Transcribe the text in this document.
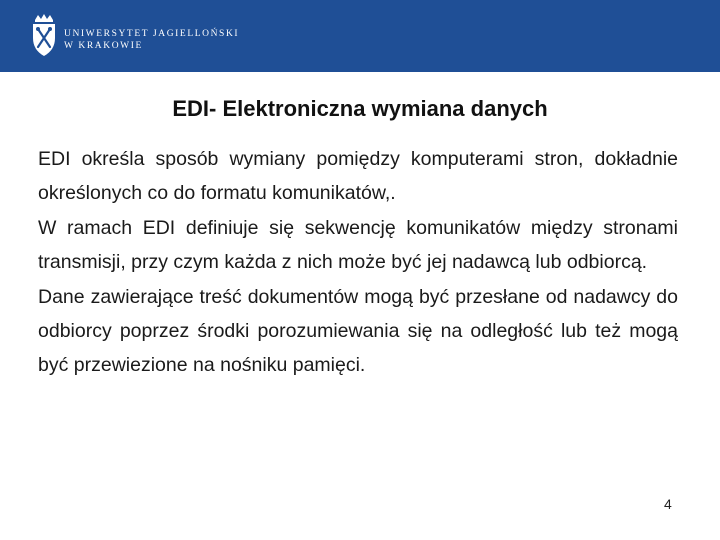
UNIWERSYTET JAGIELLOŃSKI
W KRAKOWIE
EDI- Elektroniczna wymiana danych

EDI określa sposób wymiany pomiędzy komputerami stron, dokładnie określonych co do formatu komunikatów,.

W ramach EDI definiuje się sekwencję komunikatów między stronami transmisji, przy czym każda z nich może być jej nadawcą lub odbiorcą.

Dane zawierające treść dokumentów mogą być przesłane od nadawcy do odbiorcy poprzez środki porozumiewania się na odległość lub też mogą być przewiezione na nośniku pamięci.

4
